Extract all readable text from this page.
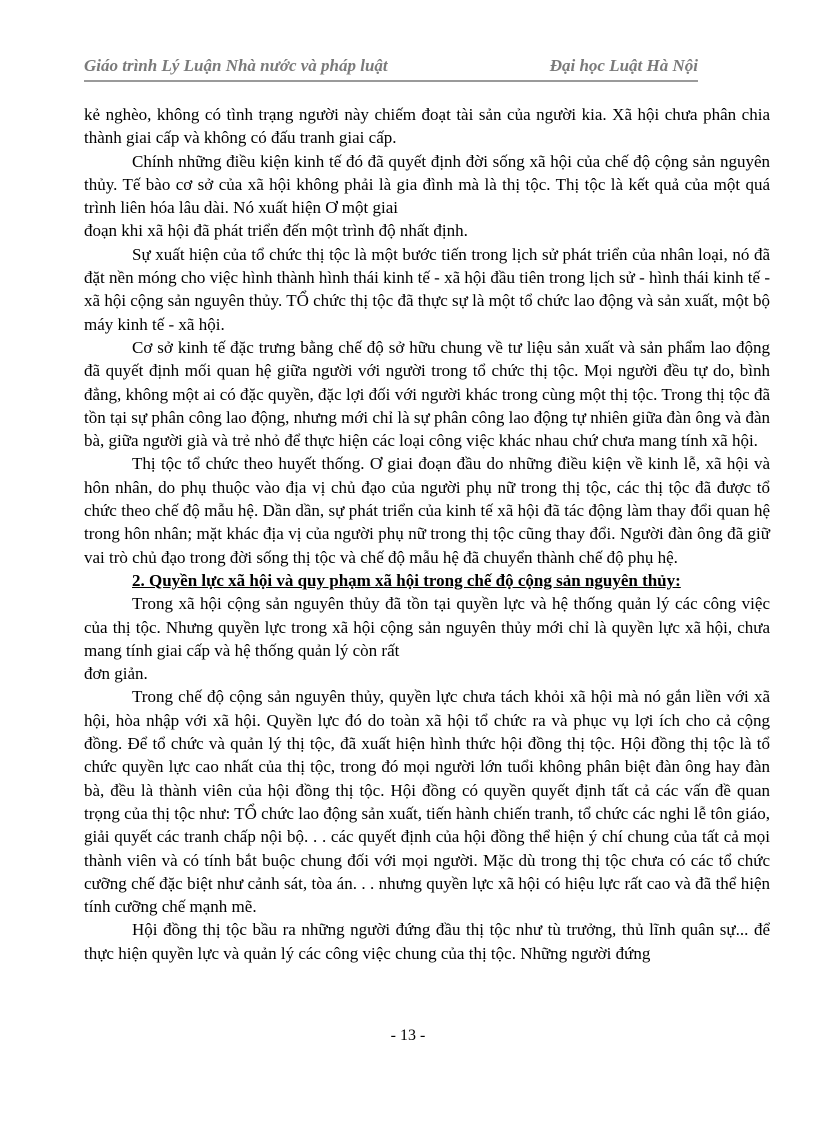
Giáo trình Lý Luận Nhà nước và pháp luật	Đại học Luật Hà Nội

kẻ nghèo, không có tình trạng người này chiếm đoạt tài sản của người kia. Xã hội chưa phân chia thành giai cấp và không có đấu tranh giai cấp.

Chính những điều kiện kinh tế đó đã quyết định đời sống xã hội của chế độ cộng sản nguyên thủy. Tế bào cơ sở của xã hội không phải là gia đình mà là thị tộc. Thị tộc là kết quả của một quá trình liên hóa lâu dài. Nó xuất hiện Ơ một giai

đoạn khi xã hội đã phát triển đến một trình độ nhất định.

Sự xuất hiện của tổ chức thị tộc là một bước tiến trong lịch sử phát triển của nhân loại, nó đã đặt nền móng cho việc hình thành hình thái kinh tế - xã hội đầu tiên trong lịch sử - hình thái kinh tế - xã hội cộng sản nguyên thủy. TỔ chức thị tộc đã thực sự là một tổ chức lao động và sản xuất, một bộ máy kinh tế - xã hội.

Cơ sở kinh tế đặc trưng bằng chế độ sở hữu chung về tư liệu sản xuất và sản phẩm lao động đã quyết định mối quan hệ giữa người với người trong tổ chức thị tộc. Mọi người đều tự do, bình đẳng, không một ai có đặc quyền, đặc lợi đối với người khác trong cùng một thị tộc. Trong thị tộc đã tồn tại sự phân công lao động, nhưng mới chỉ là sự phân công lao động tự nhiên giữa đàn ông và đàn bà, giữa người già và trẻ nhỏ để thực hiện các loại công việc khác nhau chứ chưa mang tính xã hội.

Thị tộc tổ chức theo huyết thống. Ơ giai đoạn đầu do những điều kiện về kinh lễ, xã hội và hôn nhân, do phụ thuộc vào địa vị chủ đạo của người phụ nữ trong thị tộc, các thị tộc đã được tổ chức theo chế độ mẫu hệ. Dần dần, sự phát triển của kinh tế xã hội đã tác động làm thay đổi quan hệ trong hôn nhân; mặt khác địa vị của người phụ nữ trong thị tộc cũng thay đổi. Người đàn ông đã giữ vai trò chủ đạo trong đời sống thị tộc và chế độ mẫu hệ đã chuyển thành chế độ phụ hệ.

2. Quyền lực xã hội và quy phạm xã hội trong chế độ cộng sản nguyên thủy:

Trong xã hội cộng sản nguyên thủy đã tồn tại quyền lực và hệ thống quản lý các công việc của thị tộc. Nhưng quyền lực trong xã hội cộng sản nguyên thủy mới chỉ là quyền lực xã hội, chưa mang tính giai cấp và hệ thống quản lý còn rất

đơn giản.

Trong chế độ cộng sản nguyên thủy, quyền lực chưa tách khỏi xã hội mà nó gắn liền với xã hội, hòa nhập với xã hội. Quyền lực đó do toàn xã hội tổ chức ra và phục vụ lợi ích cho cả cộng đồng. Để tổ chức và quản lý thị tộc, đã xuất hiện hình thức hội đồng thị tộc. Hội đồng thị tộc là tổ chức quyền lực cao nhất của thị tộc, trong đó mọi người lớn tuổi không phân biệt đàn ông hay đàn bà, đều là thành viên của hội đồng thị tộc. Hội đồng có quyền quyết định tất cả các vấn đề quan trọng của thị tộc như: TỔ chức lao động sản xuất, tiến hành chiến tranh, tổ chức các nghi lễ tôn giáo, giải quyết các tranh chấp nội bộ. . . các quyết định của hội đồng thể hiện ý chí chung của tất cả mọi thành viên và có tính bắt buộc chung đối với mọi người. Mặc dù trong thị tộc chưa có các tổ chức cưỡng chế đặc biệt như cảnh sát, tòa án. . . nhưng quyền lực xã hội có hiệu lực rất cao và đã thể hiện tính cưỡng chế mạnh mẽ.

Hội đồng thị tộc bầu ra những người đứng đầu thị tộc như tù trưởng, thủ lĩnh quân sự... để thực hiện quyền lực và quản lý các công việc chung của thị tộc. Những người đứng

- 13 -
